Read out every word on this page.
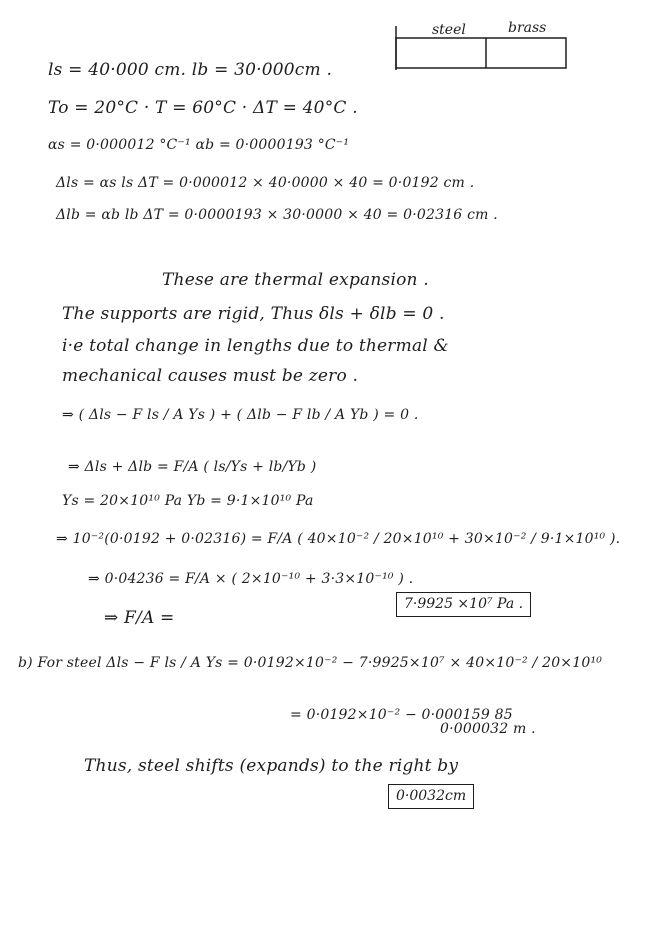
steel	brass
ls = 40·000 cm. lb = 30·000cm .
To = 20°C · T = 60°C · ΔT = 40°C .
αs = 0·000012 °C⁻¹ αb = 0·0000193 °C⁻¹
Δls = αs ls ΔT = 0·000012 × 40·0000 × 40 = 0·0192 cm .
Δlb = αb lb ΔT = 0·0000193 × 30·0000 × 40 = 0·02316 cm .
These are thermal expansion .
The supports are rigid, Thus δls + δlb = 0 .
i·e total change in lengths due to thermal &
mechanical causes must be zero .
⇒ ( Δls − F ls / A Ys ) + ( Δlb − F lb / A Yb ) = 0 .
⇒ Δls + Δlb = F/A ( ls/Ys + lb/Yb )
Ys = 20×10¹⁰ Pa Yb = 9·1×10¹⁰ Pa
⇒ 10⁻²(0·0192 + 0·02316) = F/A ( 40×10⁻² / 20×10¹⁰ + 30×10⁻² / 9·1×10¹⁰ ).
⇒ 0·04236 = F/A × ( 2×10⁻¹⁰ + 3·3×10⁻¹⁰ ) .
⇒ F/A =
7·9925 ×10⁷ Pa .
b) For steel Δls − F ls / A Ys = 0·0192×10⁻² − 7·9925×10⁷ × 40×10⁻² / 20×10¹⁰
= 0·0192×10⁻² − 0·000159 85
0·000032 m .
Thus, steel shifts (expands) to the right by
0·0032cm
